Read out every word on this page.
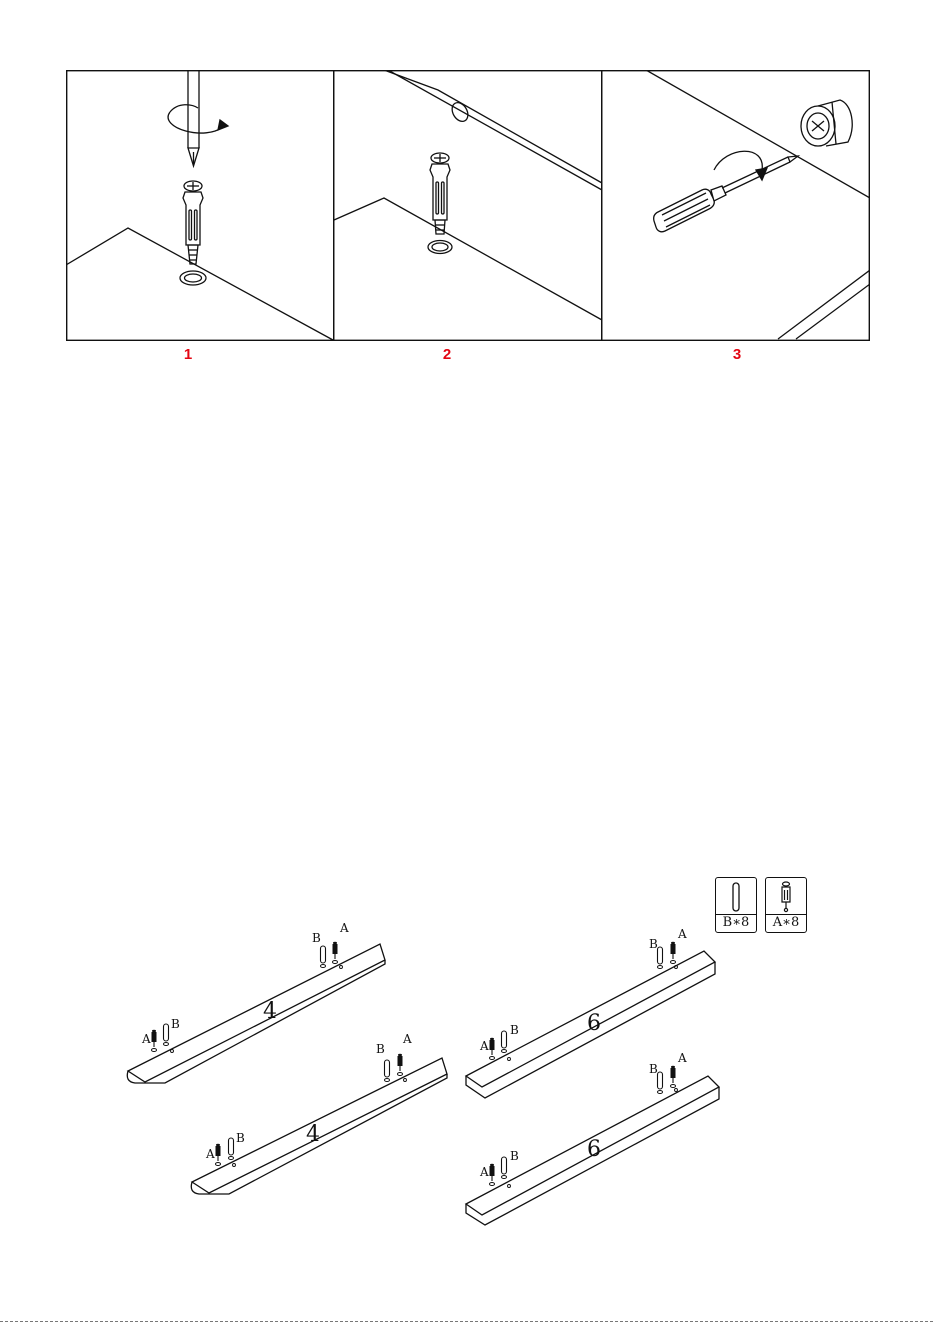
1	2	3
B∗8	A∗8
4
4
6
6
B
A
B
A
B
A
B
A
B
A
B
A
B
A
B
A
